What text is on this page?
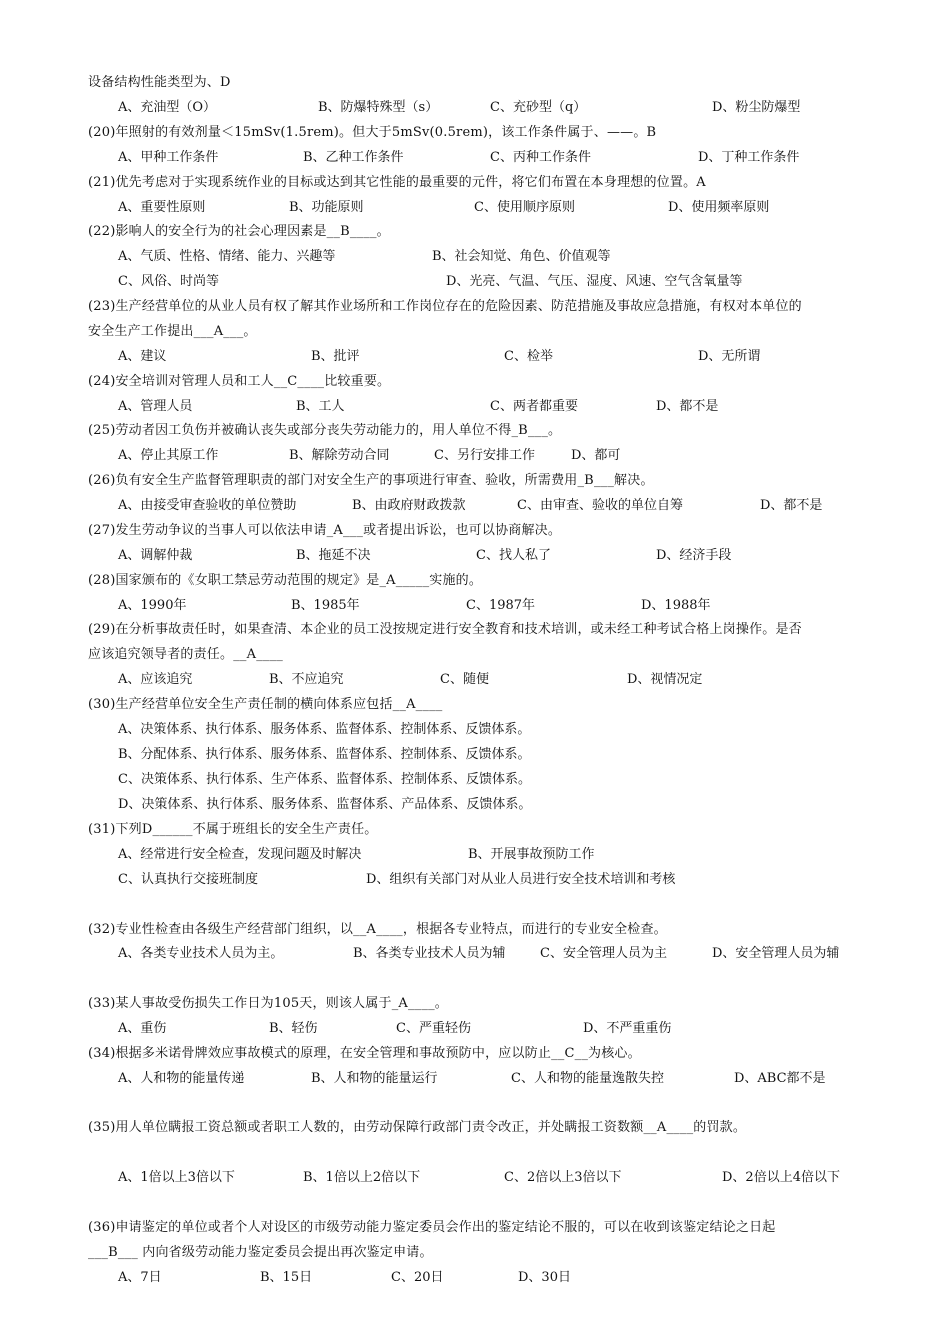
设备结构性能类型为、D
A、充油型（O）	B、防爆特殊型（s）	C、充砂型（q）	D、粉尘防爆型
(20)年照射的有效剂量＜15mSv(1.5rem)。但大于5mSv(0.5rem)，该工作条件属于、——。B
A、甲种工作条件	B、乙种工作条件	C、丙种工作条件	D、丁种工作条件
(21)优先考虑对于实现系统作业的目标或达到其它性能的最重要的元件，将它们布置在本身理想的位置。A
A、重要性原则	B、功能原则	C、使用顺序原则	D、使用频率原则
(22)影响人的安全行为的社会心理因素是__B____。
A、气质、性格、情绪、能力、兴趣等	B、社会知觉、角色、价值观等
C、风俗、时尚等	D、光亮、气温、气压、湿度、风速、空气含氧量等
(23)生产经营单位的从业人员有权了解其作业场所和工作岗位存在的危险因素、防范措施及事故应急措施，有权对本单位的
安全生产工作提出___A___。
A、建议	B、批评	C、检举	D、无所谓
(24)安全培训对管理人员和工人__C____比较重要。
A、管理人员	B、工人	C、两者都重要	D、都不是
(25)劳动者因工负伤并被确认丧失或部分丧失劳动能力的，用人单位不得_B___。
A、停止其原工作	B、解除劳动合同	C、另行安排工作	D、都可
(26)负有安全生产监督管理职责的部门对安全生产的事项进行审查、验收，所需费用_B___解决。
A、由接受审查验收的单位赞助	B、由政府财政拨款	C、由审查、验收的单位自筹	D、都不是
(27)发生劳动争议的当事人可以依法申请_A___或者提出诉讼，也可以协商解决。
A、调解仲裁	B、拖延不决	C、找人私了	D、经济手段
(28)国家颁布的《女职工禁忌劳动范围的规定》是_A_____实施的。
A、1990年	B、1985年	C、1987年	D、1988年
(29)在分析事故责任时，如果查清、本企业的员工没按规定进行安全教育和技术培训，或未经工种考试合格上岗操作。是否
应该追究领导者的责任。__A____
A、应该追究	B、不应追究	C、随便	D、视情况定
(30)生产经营单位安全生产责任制的横向体系应包括__A____
A、决策体系、执行体系、服务体系、监督体系、控制体系、反馈体系。
B、分配体系、执行体系、服务体系、监督体系、控制体系、反馈体系。
C、决策体系、执行体系、生产体系、监督体系、控制体系、反馈体系。
D、决策体系、执行体系、服务体系、监督体系、产品体系、反馈体系。
(31)下列D______不属于班组长的安全生产责任。
A、经常进行安全检查，发现问题及时解决	B、开展事故预防工作
C、认真执行交接班制度	D、组织有关部门对从业人员进行安全技术培训和考核
(32)专业性检查由各级生产经营部门组织，以__A____，根据各专业特点，而进行的专业安全检查。
A、各类专业技术人员为主。	B、各类专业技术人员为辅	C、安全管理人员为主	D、安全管理人员为辅
(33)某人事故受伤损失工作日为105天，则该人属于_A____。
A、重伤	B、轻伤	C、严重轻伤	D、不严重重伤
(34)根据多米诺骨牌效应事故模式的原理，在安全管理和事故预防中，应以防止__C__为核心。
A、人和物的能量传递	B、人和物的能量运行	C、人和物的能量逸散失控	D、ABC都不是
(35)用人单位瞒报工资总额或者职工人数的，由劳动保障行政部门责令改正，并处瞒报工资数额__A____的罚款。
A、1倍以上3倍以下	B、1倍以上2倍以下	C、2倍以上3倍以下	D、2倍以上4倍以下
(36)申请鉴定的单位或者个人对设区的市级劳动能力鉴定委员会作出的鉴定结论不服的，可以在收到该鉴定结论之日起
___B___ 内向省级劳动能力鉴定委员会提出再次鉴定申请。
A、7日	B、15日	C、20日	D、30日
